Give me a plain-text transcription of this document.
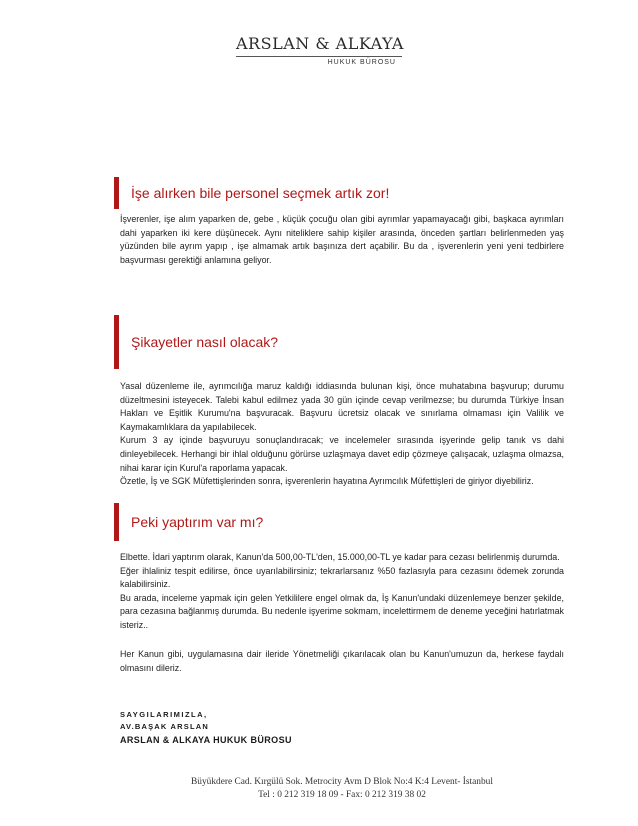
ARSLAN & ALKAYA
HUKUK BÜROSU
İşe alırken bile personel seçmek artık zor!

İşverenler, işe alım yaparken de, gebe , küçük çocuğu olan gibi ayrımlar yapamayacağı gibi, başkaca ayrımları dahi yaparken iki kere düşünecek. Aynı niteliklere sahip kişiler arasında, önceden şartları belirlenmeden yaş yüzünden bile ayrım yapıp , işe almamak artık başınıza dert açabilir. Bu da , işverenlerin yeni yeni tedbirlere başvurması gerektiği anlamına geliyor.

Şikayetler nasıl olacak?

Yasal düzenleme ile, ayrımcılığa maruz kaldığı iddiasında bulunan kişi, önce muhatabına başvurup; durumu düzeltmesini isteyecek. Talebi kabul edilmez yada 30 gün içinde cevap verilmezse; bu durumda Türkiye İnsan Hakları ve Eşitlik Kurumu'na başvuracak. Başvuru ücretsiz olacak ve sınırlama olmaması için Valilik ve Kaymakamlıklara da yapılabilecek.

Kurum 3 ay içinde başvuruyu sonuçlandıracak; ve incelemeler sırasında işyerinde gelip tanık vs dahi dinleyebilecek. Herhangi bir ihlal olduğunu görürse uzlaşmaya davet edip çözmeye çalışacak, uzlaşma olmazsa, nihai karar için Kurul'a raporlama yapacak.

Özetle, İş ve SGK Müfettişlerinden sonra, işverenlerin hayatına Ayrımcılık Müfettişleri de giriyor diyebiliriz.

Peki yaptırım var mı?

Elbette. İdari yaptırım olarak, Kanun'da 500,00-TL'den, 15.000,00-TL ye kadar para cezası belirlenmiş durumda.

Eğer ihlaliniz tespit edilirse, önce uyarılabilirsiniz; tekrarlarsanız %50 fazlasıyla para cezasını ödemek zorunda kalabilirsiniz.

Bu arada, inceleme yapmak için gelen Yetkililere engel olmak da, İş Kanun'undaki düzenlemeye benzer şekilde, para cezasına bağlanmış durumda. Bu nedenle işyerime sokmam, incelettirmem de deneme yeceğini hatırlatmak isteriz..

Her Kanun gibi, uygulamasına dair ileride Yönetmeliği çıkarılacak olan bu Kanun'umuzun da, herkese faydalı olmasını dileriz.

SAYGILARIMIZLA,
AV.BAŞAK ARSLAN
ARSLAN & ALKAYA HUKUK BÜROSU
Büyükdere Cad. Kırgülü Sok. Metrocity Avm D Blok No:4 K:4 Levent- İstanbul
Tel : 0 212 319 18 09 - Fax: 0 212 319 38 02
